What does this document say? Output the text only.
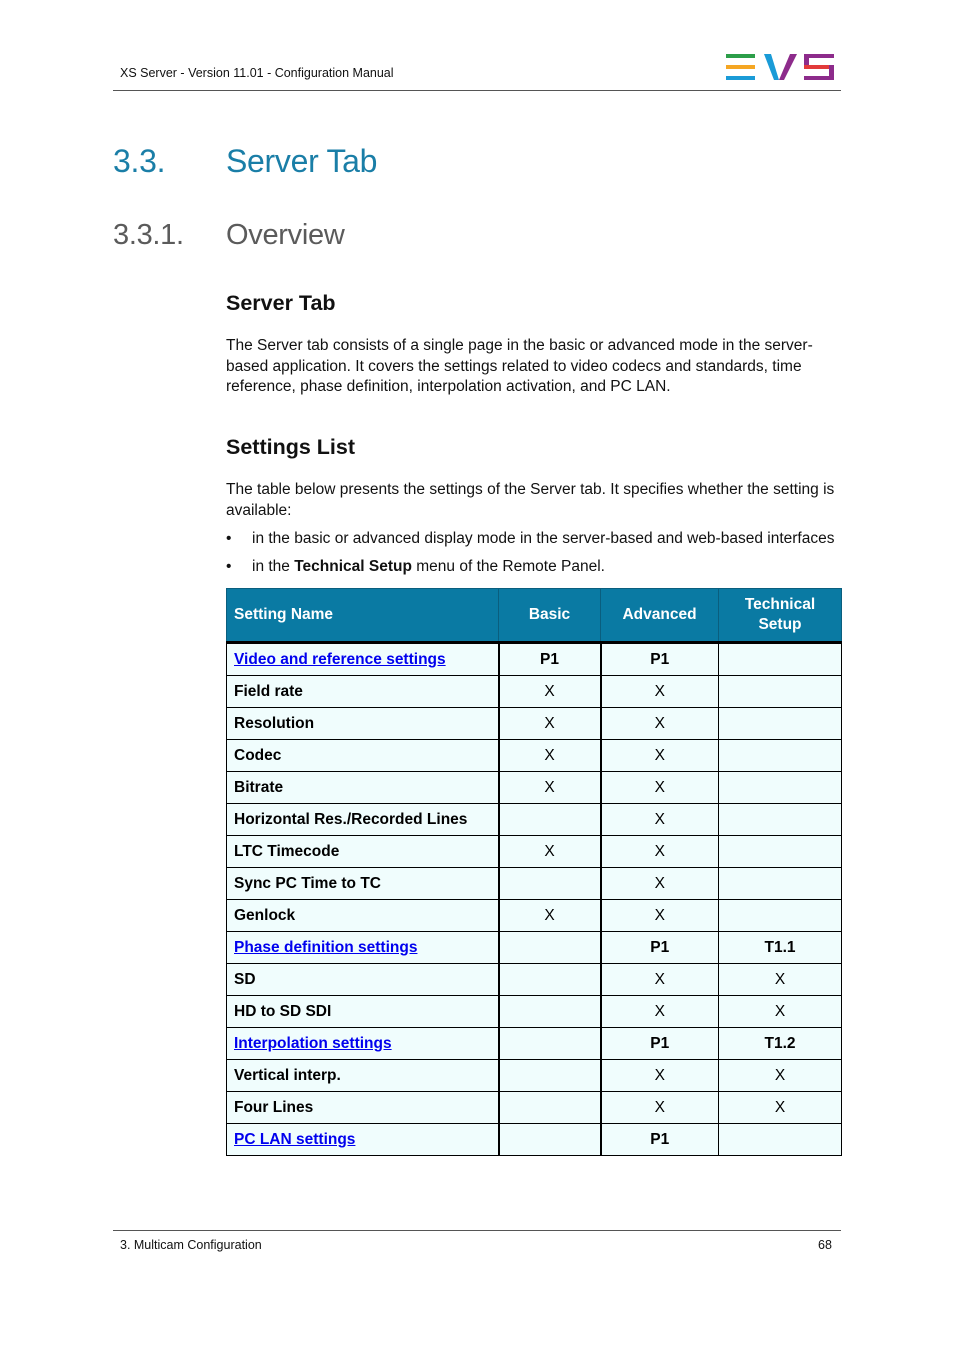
XS Server - Version 11.01 - Configuration Manual
3.3. Server Tab
3.3.1. Overview
Server Tab

The Server tab consists of a single page in the basic or advanced mode in the server-based application. It covers the settings related to video codecs and standards, time reference, phase definition, interpolation activation, and PC LAN.

Settings List

The table below presents the settings of the Server tab. It specifies whether the setting is available:

• in the basic or advanced display mode in the server-based and web-based interfaces
• in the Technical Setup menu of the Remote Panel.
Setting Name	Basic	Advanced	Technical Setup
Video and reference settings	P1	P1	
Field rate	X	X	
Resolution	X	X	
Codec	X	X	
Bitrate	X	X	
Horizontal Res./Recorded Lines		X	
LTC Timecode	X	X	
Sync PC Time to TC		X	
Genlock	X	X	
Phase definition settings		P1	T1.1
SD		X	X
HD to SD SDI		X	X
Interpolation settings		P1	T1.2
Vertical interp.		X	X
Four Lines		X	X
PC LAN settings		P1	
3. Multicam Configuration	68
